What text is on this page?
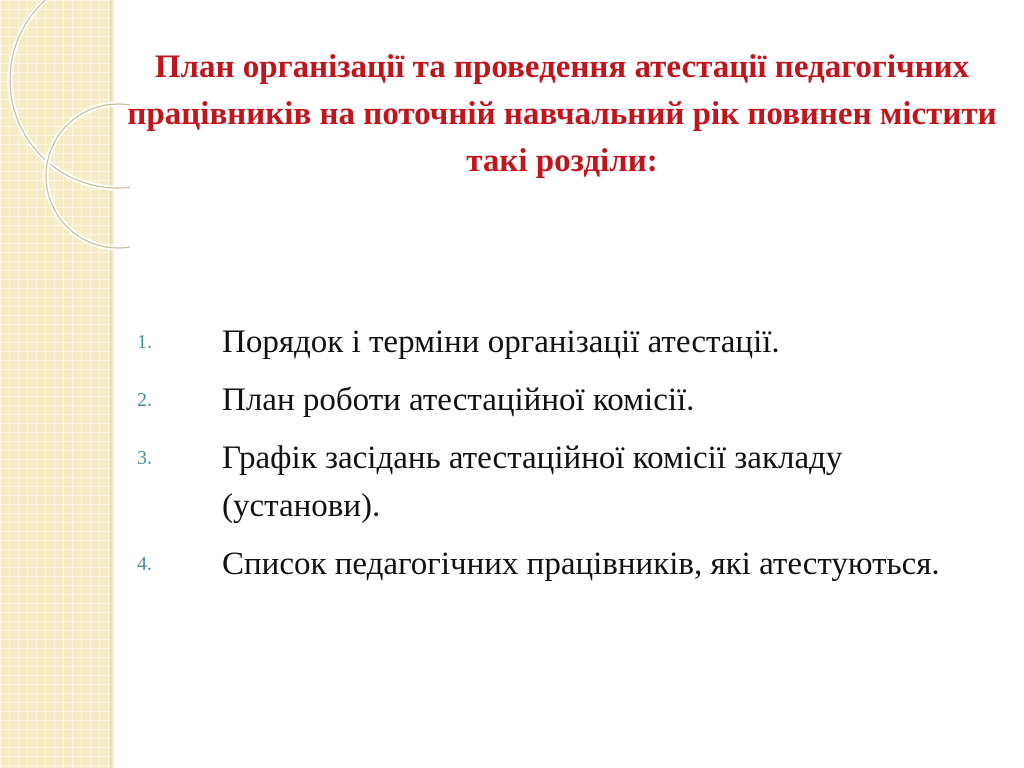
План організації та проведення атестації педагогічних працівників на поточній навчальний рік повинен містити такі розділи:
1. Порядок і терміни організації атестації.
2. План роботи атестаційної комісії.
3. Графік засідань атестаційної комісії закладу (установи).
4. Список педагогічних працівників, які атестуються.
